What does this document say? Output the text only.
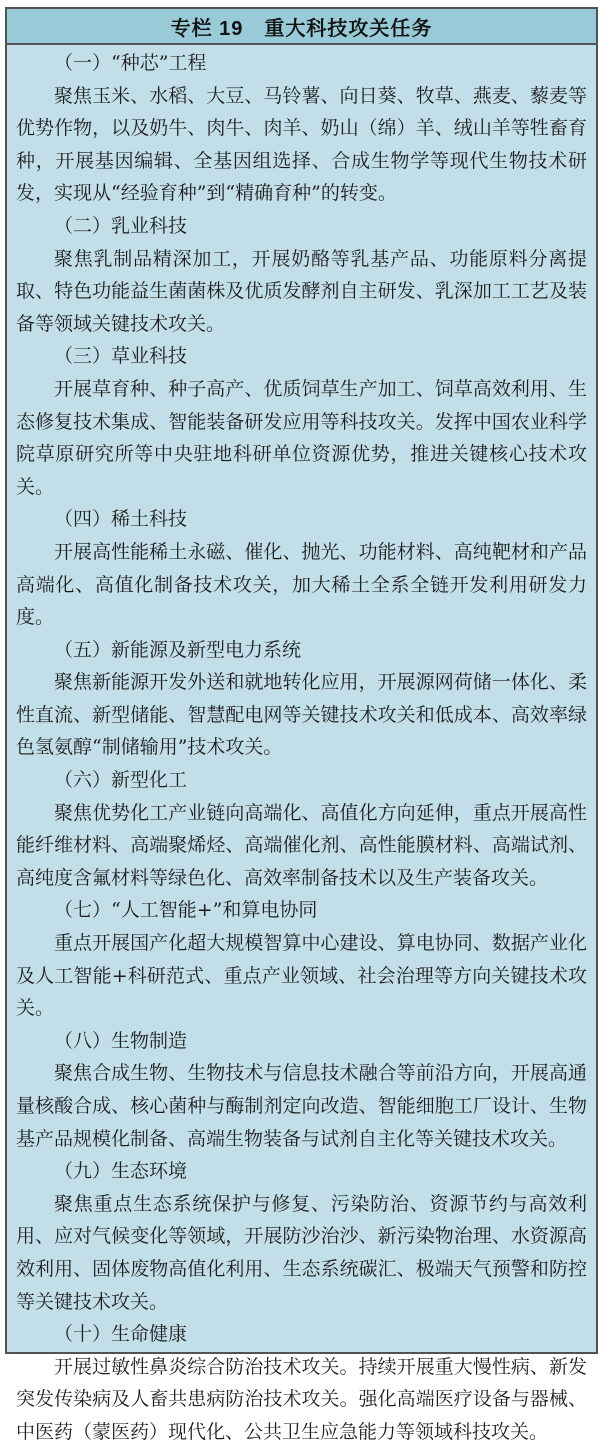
专栏 19　重大科技攻关任务

（一）“种芯”工程

聚焦玉米、水稻、大豆、马铃薯、向日葵、牧草、燕麦、藜麦等优势作物，以及奶牛、肉牛、肉羊、奶山（绵）羊、绒山羊等牲畜育种，开展基因编辑、全基因组选择、合成生物学等现代生物技术研发，实现从“经验育种”到“精确育种”的转变。

（二）乳业科技

聚焦乳制品精深加工，开展奶酪等乳基产品、功能原料分离提取、特色功能益生菌菌株及优质发酵剂自主研发、乳深加工工艺及装备等领域关键技术攻关。

（三）草业科技

开展草育种、种子高产、优质饲草生产加工、饲草高效利用、生态修复技术集成、智能装备研发应用等科技攻关。发挥中国农业科学院草原研究所等中央驻地科研单位资源优势，推进关键核心技术攻关。

（四）稀土科技

开展高性能稀土永磁、催化、抛光、功能材料、高纯靶材和产品高端化、高值化制备技术攻关，加大稀土全系全链开发利用研发力度。

（五）新能源及新型电力系统

聚焦新能源开发外送和就地转化应用，开展源网荷储一体化、柔性直流、新型储能、智慧配电网等关键技术攻关和低成本、高效率绿色氢氨醇“制储输用”技术攻关。

（六）新型化工

聚焦优势化工产业链向高端化、高值化方向延伸，重点开展高性能纤维材料、高端聚烯烃、高端催化剂、高性能膜材料、高端试剂、高纯度含氟材料等绿色化、高效率制备技术以及生产装备攻关。

（七）“人工智能+”和算电协同

重点开展国产化超大规模智算中心建设、算电协同、数据产业化及人工智能+科研范式、重点产业领域、社会治理等方向关键技术攻关。

（八）生物制造

聚焦合成生物、生物技术与信息技术融合等前沿方向，开展高通量核酸合成、核心菌种与酶制剂定向改造、智能细胞工厂设计、生物基产品规模化制备、高端生物装备与试剂自主化等关键技术攻关。

（九）生态环境

聚焦重点生态系统保护与修复、污染防治、资源节约与高效利用、应对气候变化等领域，开展防沙治沙、新污染物治理、水资源高效利用、固体废物高值化利用、生态系统碳汇、极端天气预警和防控等关键技术攻关。

（十）生命健康

开展过敏性鼻炎综合防治技术攻关。持续开展重大慢性病、新发突发传染病及人畜共患病防治技术攻关。强化高端医疗设备与器械、中医药（蒙医药）现代化、公共卫生应急能力等领域科技攻关。
